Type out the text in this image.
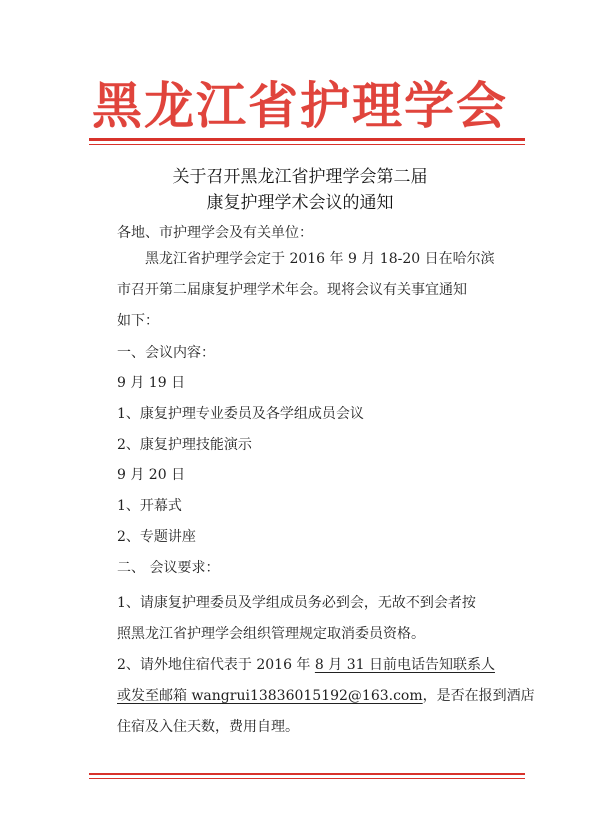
黑龙江省护理学会
关于召开黑龙江省护理学会第二届
康复护理学术会议的通知
各地、市护理学会及有关单位：
黑龙江省护理学会定于 2016 年 9 月 18-20 日在哈尔滨
市召开第二届康复护理学术年会。现将会议有关事宜通知
如下：
一、会议内容：
9 月 19 日
1、康复护理专业委员及各学组成员会议
2、康复护理技能演示
9 月 20 日
1、开幕式
2、专题讲座
二、 会议要求：
1、请康复护理委员及学组成员务必到会，无故不到会者按
照黑龙江省护理学会组织管理规定取消委员资格。
2、请外地住宿代表于 2016 年 8 月 31 日前电话告知联系人
或发至邮箱 wangrui13836015192@163.com，是否在报到酒店
住宿及入住天数，费用自理。
